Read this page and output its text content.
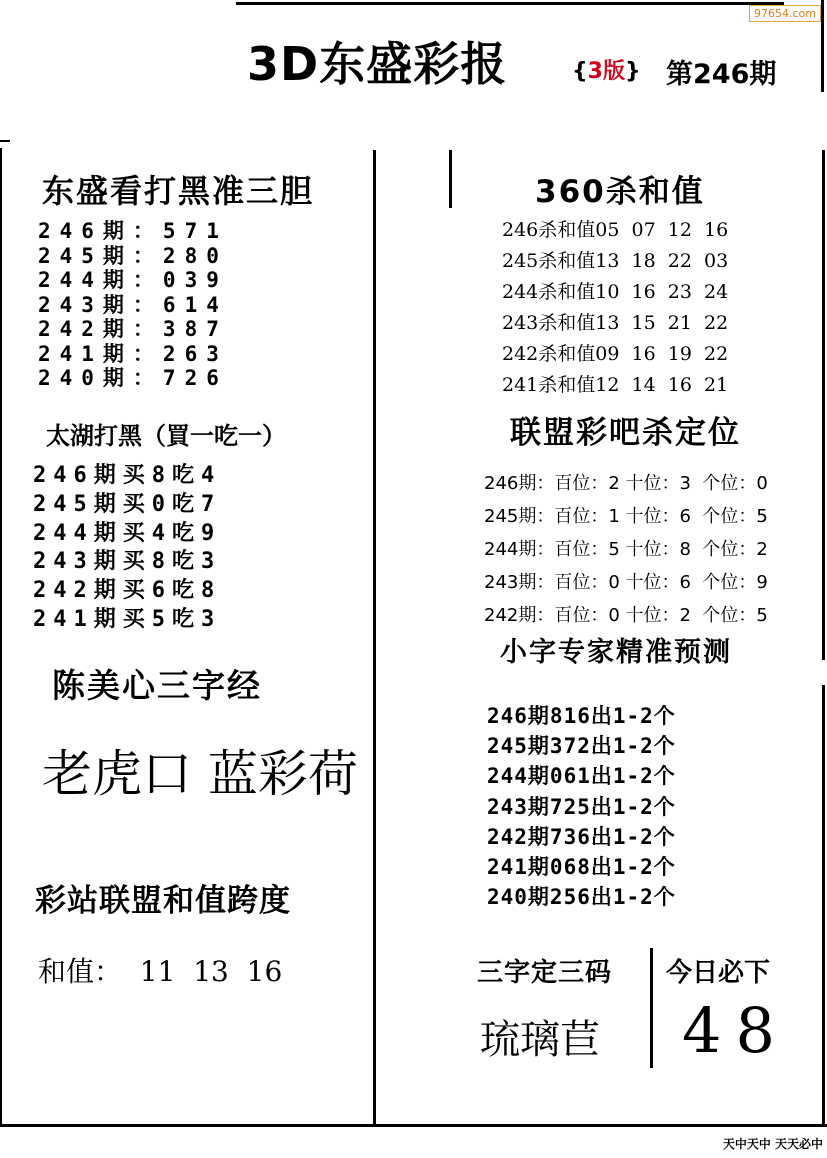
97654.com
3D东盛彩报	{3版} 第246期
东盛看打黑准三胆
246期：571
245期：280
244期：039
243期：614
242期：387
241期：263
240期：726
太湖打黑（買一吃一）
246期买8吃4
245期买0吃7
244期买4吃9
243期买8吃3
242期买6吃8
241期买5吃3
陈美心三字经
老虎口 蓝彩荷
彩站联盟和值跨度
和值：  11  13  16
360杀和值
246杀和值05  07  12  16
245杀和值13  18  22  03
244杀和值10  16  23  24
243杀和值13  15  21  22
242杀和值09  16  19  22
241杀和值12  14  16  21
联盟彩吧杀定位
246期：百位：2 十位：3  个位：0
245期：百位：1 十位：6  个位：5
244期：百位：5 十位：8  个位：2
243期：百位：0 十位：6  个位：9
242期：百位：0 十位：2  个位：5
小字专家精准预测
246期816出1-2个
245期372出1-2个
244期061出1-2个
243期725出1-2个
242期736出1-2个
241期068出1-2个
240期256出1-2个
三字定三码
琉璃苣
今日必下
48
天中天中 天天必中
